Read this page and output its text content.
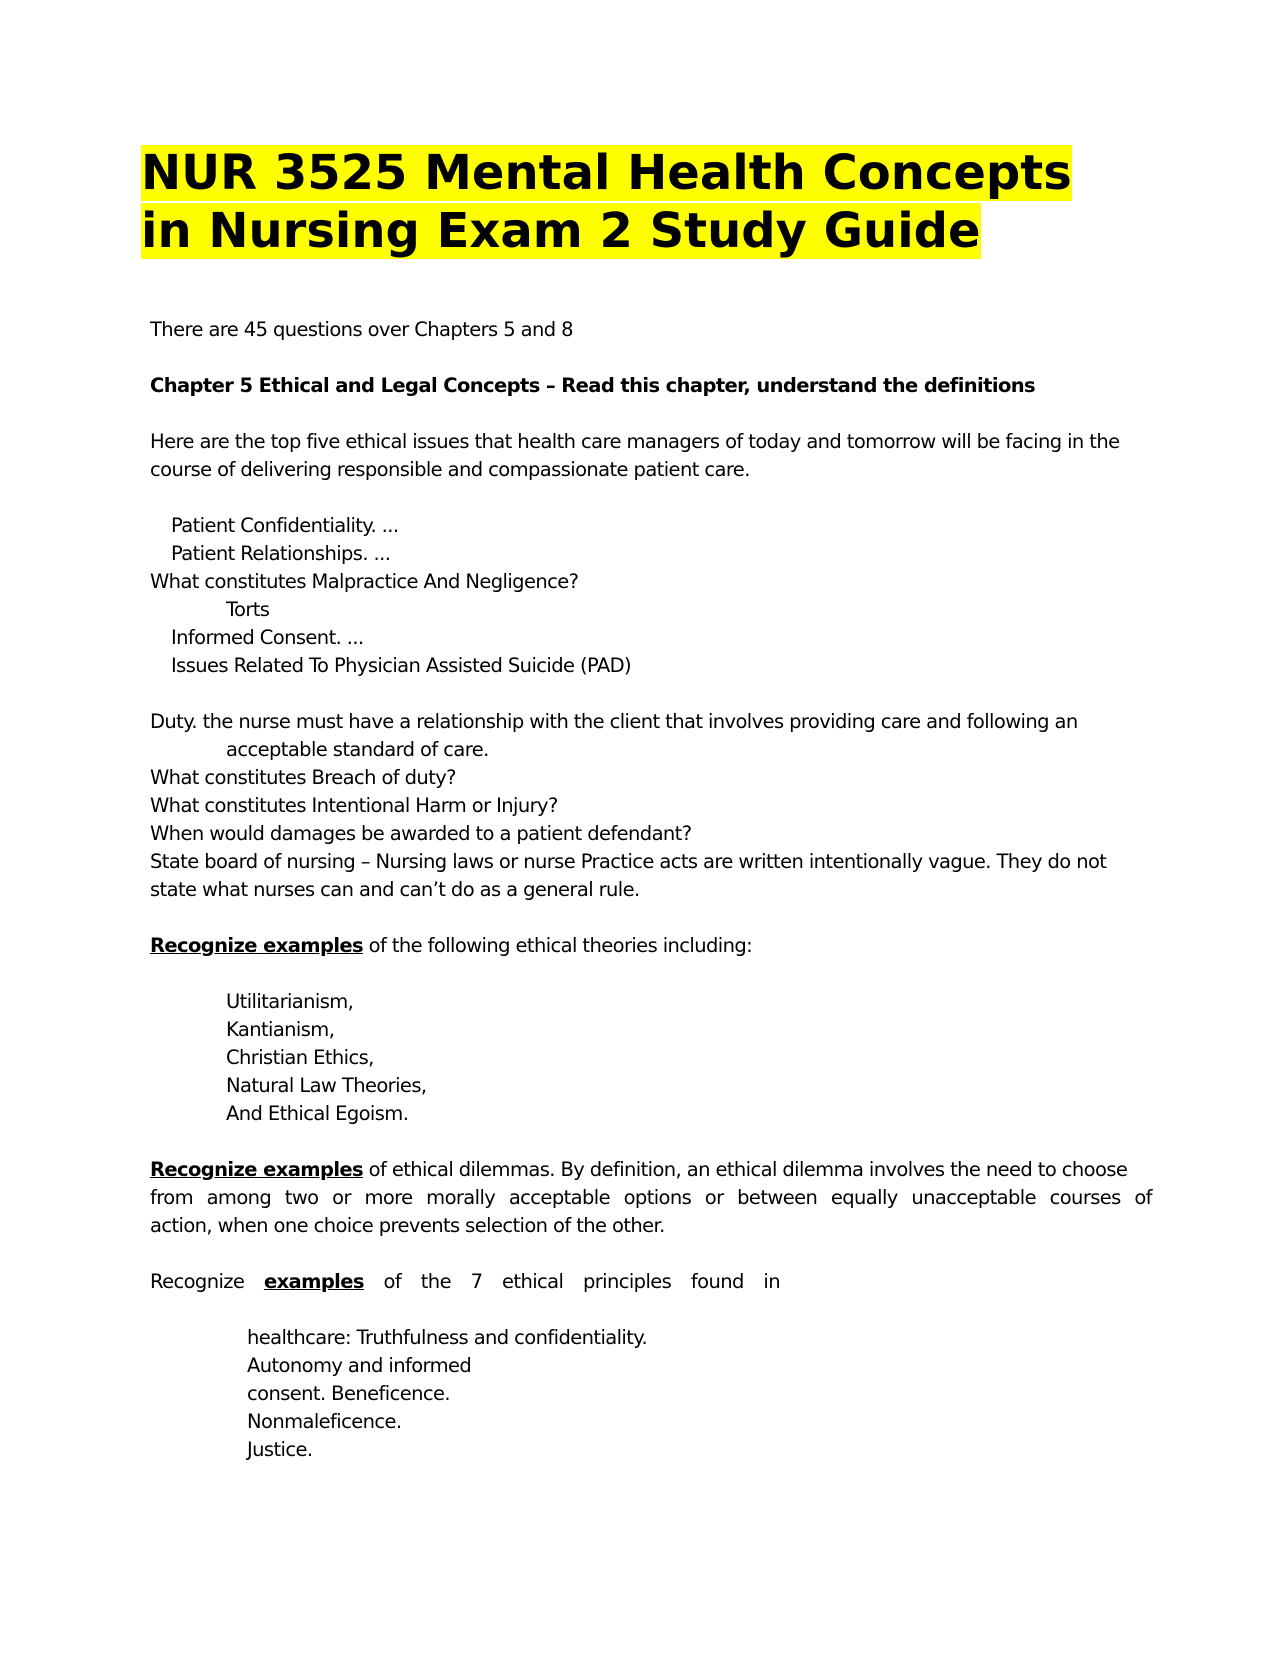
NUR 3525 Mental Health Concepts
in Nursing Exam 2 Study Guide
There are 45 questions over Chapters 5 and 8
Chapter 5 Ethical and Legal Concepts – Read this chapter, understand the definitions
Here are the top five ethical issues that health care managers of today and tomorrow will be facing in the
course of delivering responsible and compassionate patient care.
Patient Confidentiality. ...
Patient Relationships. ...
What constitutes Malpractice And Negligence?
Torts
Informed Consent. ...
Issues Related To Physician Assisted Suicide (PAD)
Duty. the nurse must have a relationship with the client that involves providing care and following an
acceptable standard of care.
What constitutes Breach of duty?
What constitutes Intentional Harm or Injury?
When would damages be awarded to a patient defendant?
State board of nursing – Nursing laws or nurse Practice acts are written intentionally vague. They do not
state what nurses can and can’t do as a general rule.
Recognize examples of the following ethical theories including:
Utilitarianism,
Kantianism,
Christian Ethics,
Natural Law Theories,
And Ethical Egoism.
Recognize examples of ethical dilemmas. By definition, an ethical dilemma involves the need to choose
from among two or more morally acceptable options or between equally unacceptable courses of
action, when one choice prevents selection of the other.
Recognize examples of the 7 ethical principles found in
healthcare: Truthfulness and confidentiality.
Autonomy and informed
consent. Beneficence.
Nonmaleficence.
Justice.
